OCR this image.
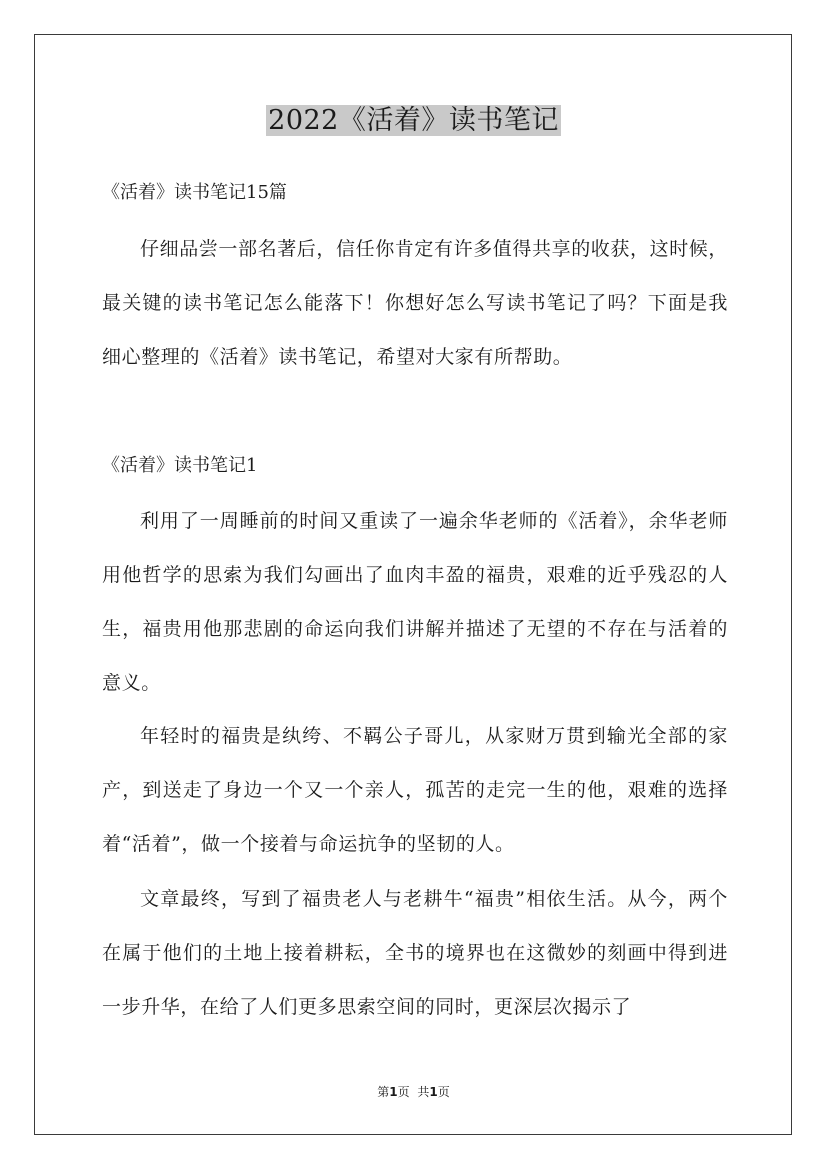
2022《活着》读书笔记
《活着》读书笔记15篇

仔细品尝一部名著后，信任你肯定有许多值得共享的收获，这时候，最关键的读书笔记怎么能落下！你想好怎么写读书笔记了吗？下面是我细心整理的《活着》读书笔记，希望对大家有所帮助。

《活着》读书笔记1

利用了一周睡前的时间又重读了一遍余华老师的《活着》，余华老师用他哲学的思索为我们勾画出了血肉丰盈的福贵，艰难的近乎残忍的人生，福贵用他那悲剧的命运向我们讲解并描述了无望的不存在与活着的意义。

年轻时的福贵是纨绔、不羁公子哥儿，从家财万贯到输光全部的家产，到送走了身边一个又一个亲人，孤苦的走完一生的他，艰难的选择着“活着”，做一个接着与命运抗争的坚韧的人。

文章最终，写到了福贵老人与老耕牛“福贵”相依生活。从今，两个在属于他们的土地上接着耕耘，全书的境界也在这微妙的刻画中得到进一步升华，在给了人们更多思索空间的同时，更深层次揭示了

第1页 共1页
